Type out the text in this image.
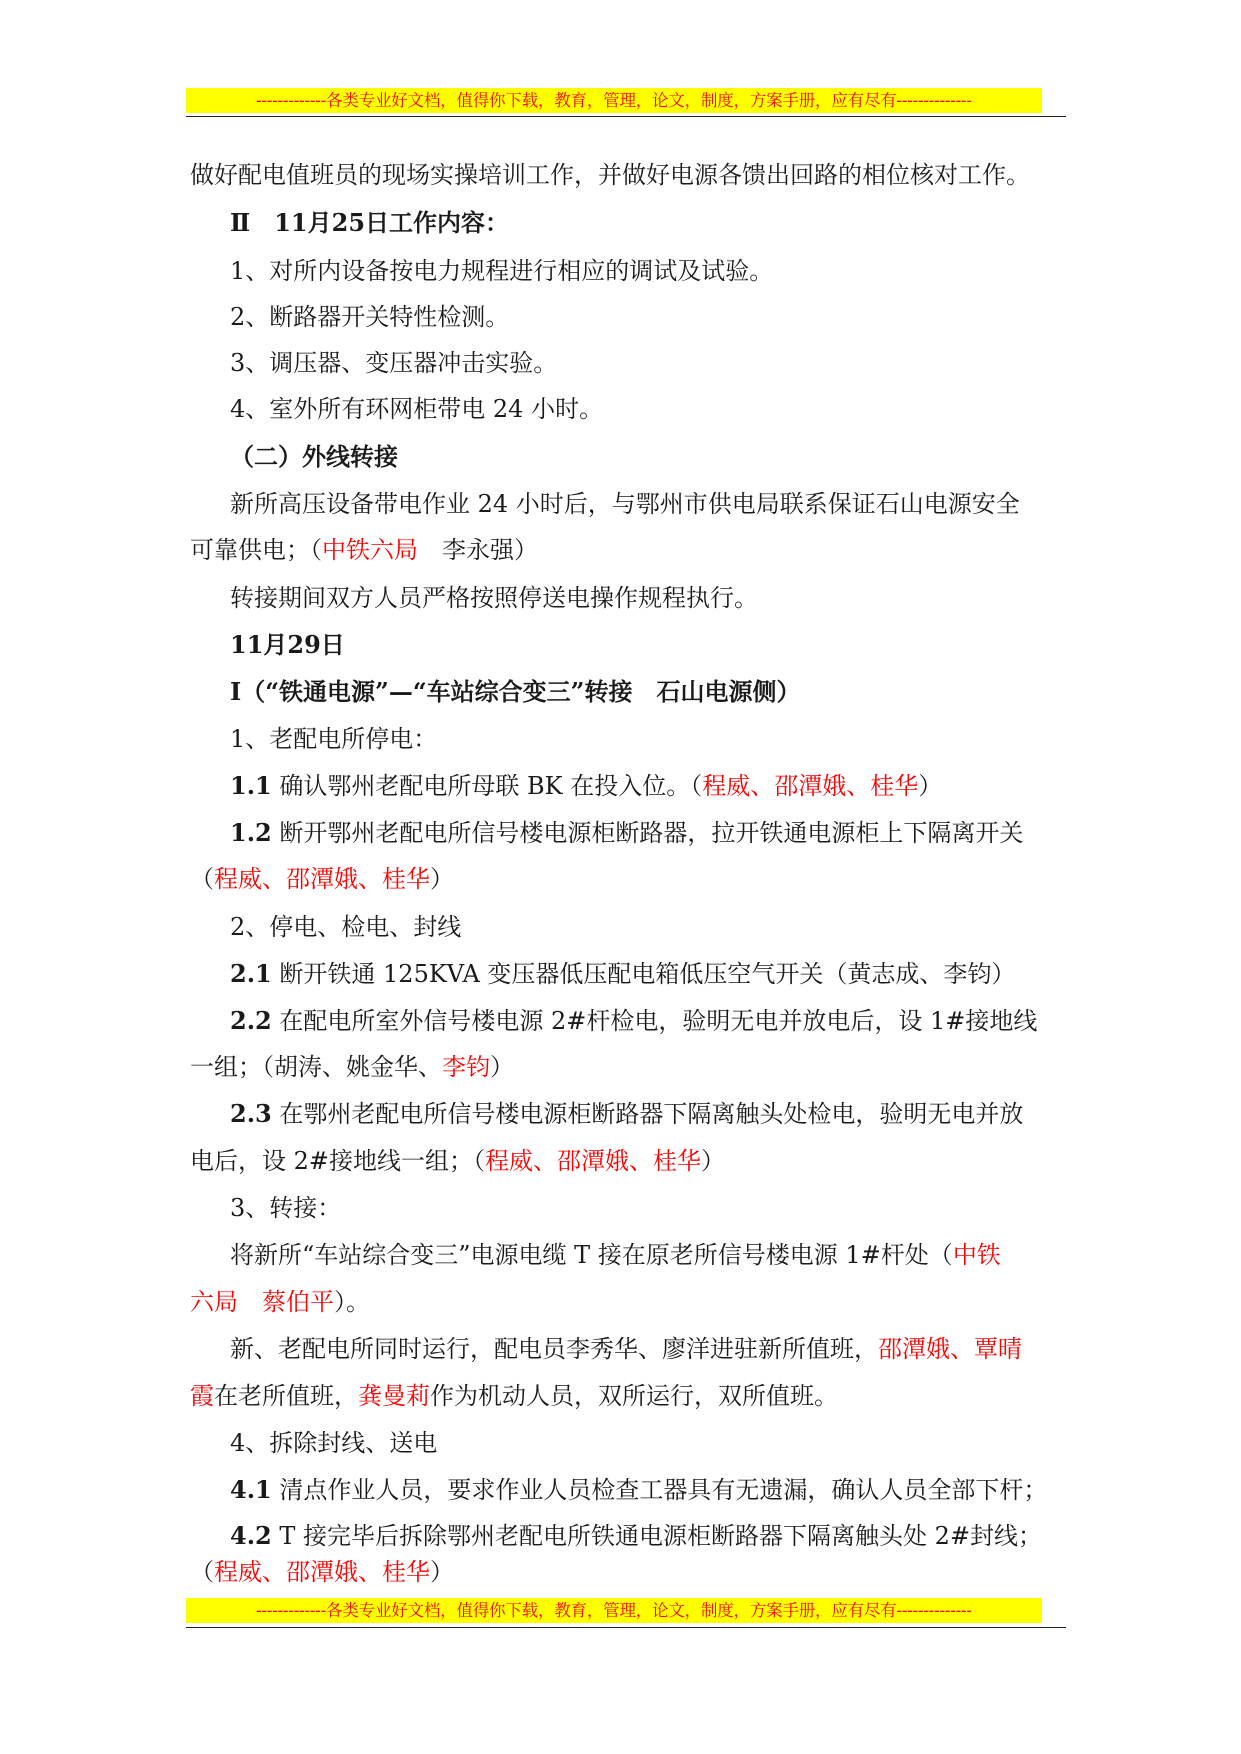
-------------各类专业好文档，值得你下载，教育，管理，论文，制度，方案手册，应有尽有--------------
做好配电值班员的现场实操培训工作，并做好电源各馈出回路的相位核对工作。
Ⅱ　11月25日工作内容：
1、对所内设备按电力规程进行相应的调试及试验。
2、断路器开关特性检测。
3、调压器、变压器冲击实验。
4、室外所有环网柜带电 24 小时。
（二）外线转接
新所高压设备带电作业 24 小时后，与鄂州市供电局联系保证石山电源安全
可靠供电；（中铁六局　李永强）
转接期间双方人员严格按照停送电操作规程执行。
11月29日
Ⅰ（“铁通电源”—“车站综合变三”转接　石山电源侧）
1、老配电所停电：
1.1 确认鄂州老配电所母联 BK 在投入位。（程威、邵潭娥、桂华）
1.2 断开鄂州老配电所信号楼电源柜断路器，拉开铁通电源柜上下隔离开关
（程威、邵潭娥、桂华）
2、停电、检电、封线
2.1 断开铁通 125KVA 变压器低压配电箱低压空气开关（黄志成、李钧）
2.2 在配电所室外信号楼电源 2#杆检电，验明无电并放电后，设 1#接地线
一组；（胡涛、姚金华、李钧）
2.3 在鄂州老配电所信号楼电源柜断路器下隔离触头处检电，验明无电并放
电后，设 2#接地线一组；（程威、邵潭娥、桂华）
3、转接：
将新所“车站综合变三”电源电缆 T 接在原老所信号楼电源 1#杆处（中铁
六局　蔡伯平）。
新、老配电所同时运行，配电员李秀华、廖洋进驻新所值班，邵潭娥、覃晴
霞在老所值班，龚曼莉作为机动人员，双所运行，双所值班。
4、拆除封线、送电
4.1 清点作业人员，要求作业人员检查工器具有无遗漏，确认人员全部下杆；
4.2 T 接完毕后拆除鄂州老配电所铁通电源柜断路器下隔离触头处 2#封线；
（程威、邵潭娥、桂华）
-------------各类专业好文档，值得你下载，教育，管理，论文，制度，方案手册，应有尽有--------------
